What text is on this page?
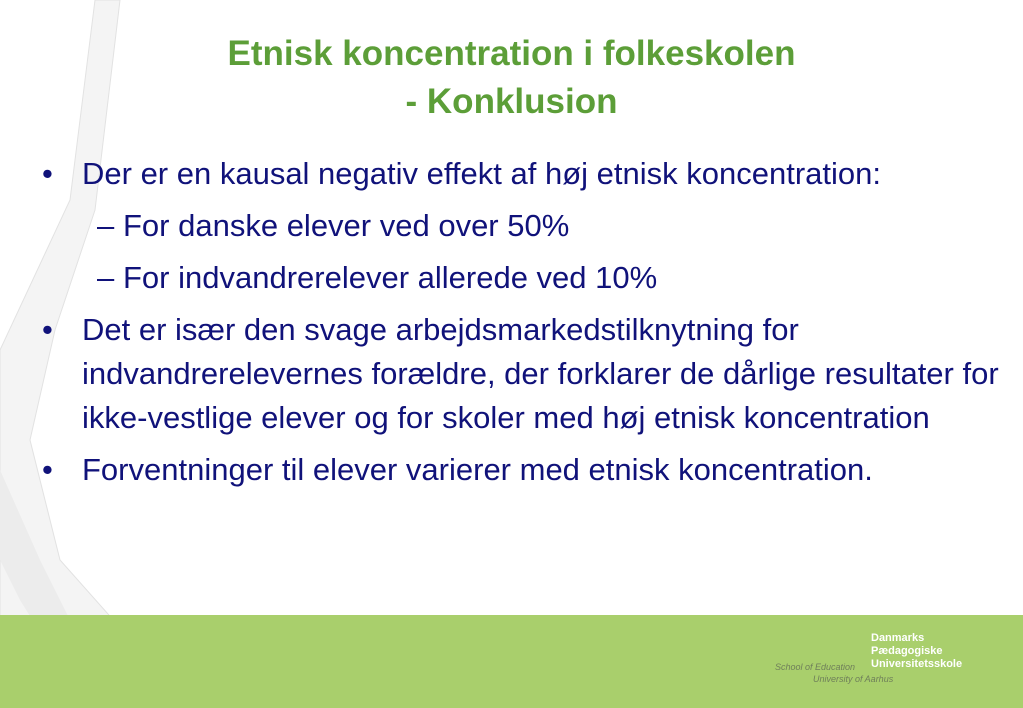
Etnisk koncentration i folkeskolen
- Konklusion
• Der er en kausal negativ effekt af høj etnisk koncentration:
– For danske elever ved over 50%
– For indvandrerelever allerede ved 10%
• Det er især den svage arbejdsmarkedstilknytning for indvandrerelevernes forældre, der forklarer de dårlige resultater for ikke-vestlige elever og for skoler med høj etnisk koncentration
• Forventninger til elever varierer med etnisk koncentration.
School of Education
University of Aarhus
Danmarks
Pædagogiske
Universitetsskole
